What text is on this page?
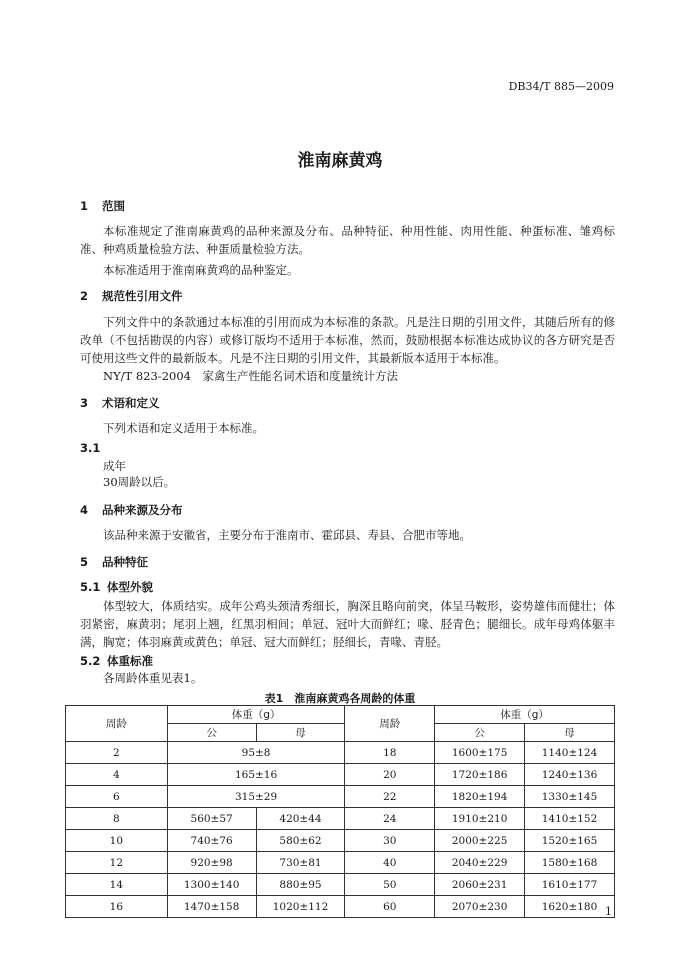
DB34/T 885—2009
淮南麻黄鸡
1 范围
本标准规定了淮南麻黄鸡的品种来源及分布、品种特征、种用性能、肉用性能、种蛋标准、雏鸡标准、种鸡质量检验方法、种蛋质量检验方法。
本标准适用于淮南麻黄鸡的品种鉴定。
2 规范性引用文件
下列文件中的条款通过本标准的引用而成为本标准的条款。凡是注日期的引用文件，其随后所有的修改单（不包括勘误的内容）或修订版均不适用于本标准，然而，鼓励根据本标准达成协议的各方研究是否可使用这些文件的最新版本。凡是不注日期的引用文件，其最新版本适用于本标准。
NY/T 823-2004　家禽生产性能名词术语和度量统计方法
3 术语和定义
下列术语和定义适用于本标准。
3.1
成年
30周龄以后。
4 品种来源及分布
该品种来源于安徽省，主要分布于淮南市、霍邱县、寿县、合肥市等地。
5 品种特征
5.1 体型外貌
体型较大，体质结实。成年公鸡头颈清秀细长，胸深且略向前突，体呈马鞍形，姿势雄伟而健壮；体羽紧密，麻黄羽；尾羽上翘，红黑羽相间；单冠、冠叶大而鲜红；喙、胫青色；腿细长。成年母鸡体躯丰满，胸宽；体羽麻黄或黄色；单冠、冠大而鲜红；胫细长，青喙、青胫。
5.2 体重标准
各周龄体重见表1。
表1　淮南麻黄鸡各周龄的体重
周龄	体重（g）		周龄	体重（g）	
	公	母		公	母
2	95±8		18	1600±175	1140±124
4	165±16		20	1720±186	1240±136
6	315±29		22	1820±194	1330±145
8	560±57	420±44	24	1910±210	1410±152
10	740±76	580±62	30	2000±225	1520±165
12	920±98	730±81	40	2040±229	1580±168
14	1300±140	880±95	50	2060±231	1610±177
16	1470±158	1020±112	60	2070±230	1620±180 1
